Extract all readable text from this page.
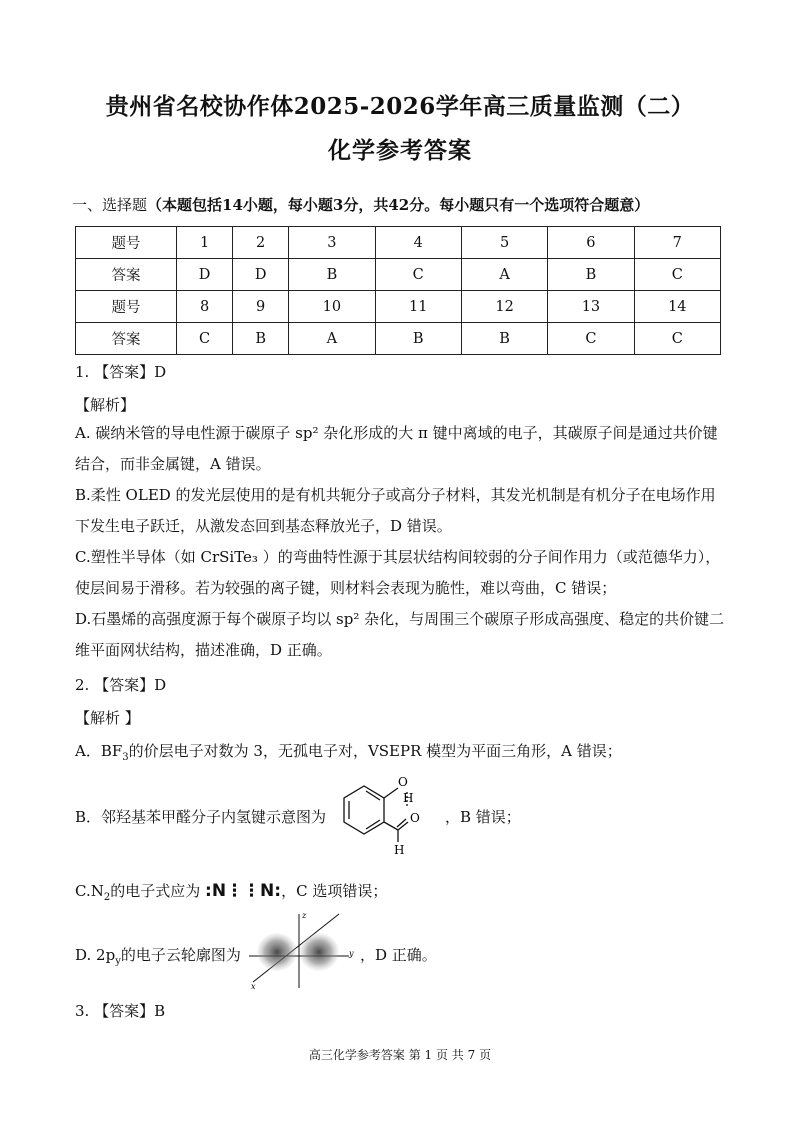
贵州省名校协作体2025-2026学年高三质量监测（二）
化学参考答案
一、选择题（本题包括14小题，每小题3分，共42分。每小题只有一个选项符合题意）
题号	1	2	3	4	5	6	7
答案	D	D	B	C	A	B	C
题号	8	9	10	11	12	13	14
答案	C	B	A	B	B	C	C
1. 【答案】D
【解析】
A. 碳纳米管的导电性源于碳原子 sp² 杂化形成的大 π 键中离域的电子，其碳原子间是通过共价键结合，而非金属键，A 错误。
B.柔性 OLED 的发光层使用的是有机共轭分子或高分子材料，其发光机制是有机分子在电场作用下发生电子跃迁，从激发态回到基态释放光子，D 错误。
C.塑性半导体（如 CrSiTe₃ ）的弯曲特性源于其层状结构间较弱的分子间作用力（或范德华力），使层间易于滑移。若为较强的离子键，则材料会表现为脆性，难以弯曲，C 错误；
D.石墨烯的高强度源于每个碳原子均以 sp² 杂化，与周围三个碳原子形成高强度、稳定的共价键二维平面网状结构，描述准确，D 正确。
2. 【答案】D
【解析 】
A．$BF_3$的价层电子对数为 3，无孤电子对，VSEPR 模型为平面三角形，A 错误；
B．邻羟基苯甲醛分子内氢键示意图为
O
H
O
H
，B 错误；
$C.N_2$的电子式应为 :N⋮⋮N:，C 选项错误；
D. $2p_y$的电子云轮廓图为
z
y
x
，D 正确。
3. 【答案】B
高三化学参考答案 第 1 页 共 7 页
